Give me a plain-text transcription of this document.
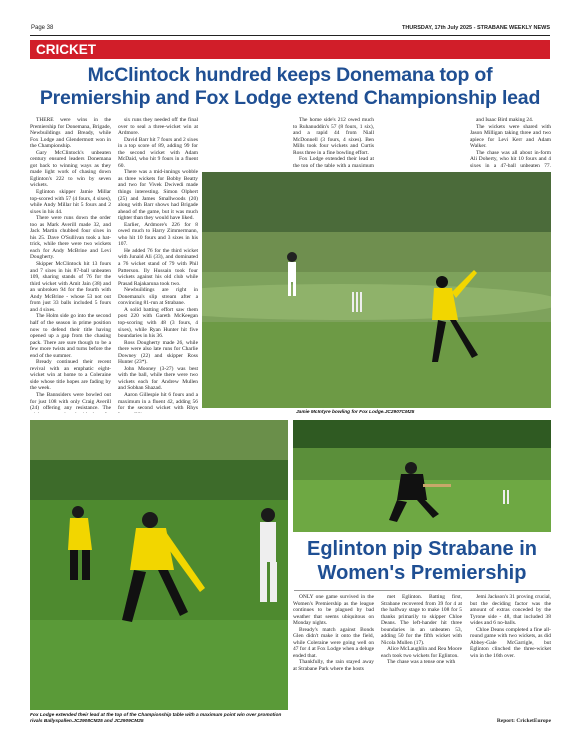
Page 38	THURSDAY, 17th July 2025 - STRABANE WEEKLY NEWS
CRICKET
McClintock hundred keeps Donemana top of Premiership and Fox Lodge extend Championship lead

THERE were wins in the Premiership for Donemana, Brigade, Newbuildings and Bready, while Fox Lodge and Glendermott won in the Championship.

Gary McClintock's unbeaten century ensured leaders Donemana got back to winning ways as they made light work of chasing down Eglinton's 222 to win by seven wickets.

Eglinton skipper Jamie Millar top-scored with 57 (4 fours, 4 sixes), while Andy Millar hit 5 fours and 2 sixes in his 44.

There were runs down the order too as Mark Averill made 32, and Jack Martin chubbed four sixes in his 25. Dave O'Sullivan took a hat-trick, while there were two wickets each for Andy McBrine and Levi Dougherty.

Skipper McClintock hit 13 fours and 7 sixes in his 87-ball unbeaten 109, sharing stands of 76 for the third wicket with Amit Jain (38) and an unbroken 94 for the fourth with Andy McBrine - whose 53 not out from just 33 balls included 5 fours and 4 sixes.

The Holm side go into the second half of the season in prime position now to defend their title having opened up a gap from the chasing pack. There are sure though to be a few more twists and turns before the end of the summer.

Bready continued their recent revival with an emphatic eight-wicket win at home to a Coleraine side whose title hopes are fading by the week.

The Bannsiders were bowled out for just 108 with only Craig Averill (24) offering any resistance. The

six runs they needed off the final over to seal a three-wicket win at Ardmore.

David Barr hit 7 fours and 2 sixes in a top score of 89, adding 99 for the second wicket with Adam McDaid, who hit 9 fours in a fluent 60.

There was a mid-innings wobble as three wickets for Bobby Beatty and two for Vivek Dwivedi made things interesting. Simon Olphert (25) and James Smallwoods (20) along with Barr shows had Brigade ahead of the game, but it was much tighter than they would have liked.

Earlier, Ardmore's 226 for 8 owed much to Harry Zimmermann, who hit 10 fours and 3 sixes in his 107.

He added 76 for the third wicket with Junaid Ali (33), and dominated a 76 wicket stand of 79 with Phil Patterson. Ily Hussain took four wickets against his old club while Prasad Rajakaruna took two.

Newbuildings are right in Donemana's slip stream after a convincing 81-run at Strabane.

A solid batting effort saw them post 220 with Gareth McKeegan top-scoring with 48 (3 fours, 4 sixes), while Ryan Hunter hit five boundaries in his 36.

Ross Dougherty made 26, while there were also late runs for Charlie Downey (22) and skipper Ross Hunter (23*).

John Mooney (3-27) was best with the ball, while there were two wickets each for Andrew Mullen and Sobhan Shazad.

Aaron Gillespie hit 6 fours and a maximum in a fluent 42, adding 56 for the second wicket with Rhys

The home side's 212 owed much to Ruhanuddin's 57 (8 fours, 1 six), and a rapid 44 from Niall McDonnell (3 fours, 4 sixes). Ben Mills took four wickets and Curtis Ross three in a fine bowling effort.

Fox Lodge extended their lead at the top of the table with a maximum

and Isaac Bird making 24.

The wickets were shared with Jason Milligan taking three and two apiece for Levi Kerr and Adam Walker.

The chase was all about in-form Ali Doherty, who hit 10 fours and 4 sixes in a 47-ball unbeaten 77,

Jamie McIntyre bowling for Fox Lodge.JC2907CM25
Fox Lodge extended their lead at the top of the Championship table with a maximum point win over promotion rivals Ballyspallen.JC2908CM25 and JC2909CM25
Eglinton pip Strabane in Women's Premiership

ONLY one game survived in the Women's Premiership as the league continues to be plagued by bad weather that seems ubiquitous on Monday nights.

Bready's match against Bonds Glen didn't make it onto the field, while Coleraine were going well on 47 for 4 at Fox Lodge when a deluge ended that.

Thankfully, the rain stayed away at Strabane Park where the hosts

met Eglinton. Batting first, Strabane recovered from 39 for 4 at the halfway stage to make 108 for 5 thanks primarily to skipper Chloe Deans. The left-hander hit three boundaries in an unbeaten 53, adding 50 for the fifth wicket with Nicola Mullen (17).

Alice McLaughlin and Rea Moore each took two wickets for Eglinton.

The chase was a tense one with

Jemi Jackson's 31 proving crucial, but the deciding factor was the amount of extras conceded by the Tyrone side - 48, that included 38 wides and 6 no-balls.

Chloe Deans completed a fine all-round game with two wickets, as did Abbey-Gale McGarrigle, but Eglinton clinched the three-wicket win in the 16th over.

Report: CricketEurope
